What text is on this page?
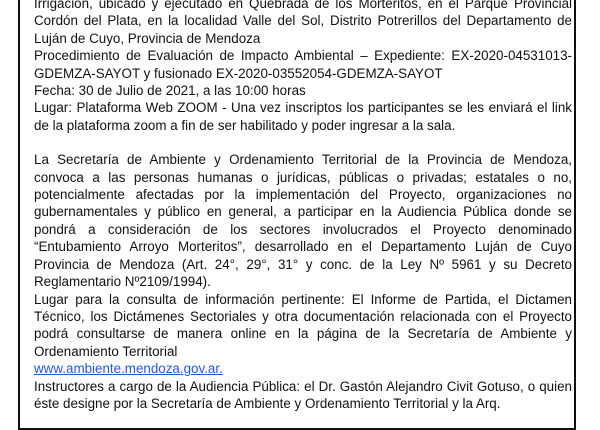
Irrigación, ubicado y ejecutado en Quebrada de los Morteritos, en el Parque Provincial Cordón del Plata, en la localidad Valle del Sol, Distrito Potrerillos del Departamento de Luján de Cuyo, Provincia de Mendoza

Procedimiento de Evaluación de Impacto Ambiental – Expediente: EX-2020-04531013-GDEMZA-SAYOT y fusionado EX-2020-03552054-GDEMZA-SAYOT

Fecha: 30 de Julio de 2021, a las 10:00 horas

Lugar: Plataforma Web ZOOM - Una vez inscriptos los participantes se les enviará el link de la plataforma zoom a fin de ser habilitado y poder ingresar a la sala.

La Secretaría de Ambiente y Ordenamiento Territorial de la Provincia de Mendoza, convoca a las personas humanas o jurídicas, públicas o privadas; estatales o no, potencialmente afectadas por la implementación del Proyecto, organizaciones no gubernamentales y público en general, a participar en la Audiencia Pública donde se pondrá a consideración de los sectores involucrados el Proyecto denominado “Entubamiento Arroyo Morteritos”, desarrollado en el Departamento Luján de Cuyo Provincia de Mendoza (Art. 24°, 29°, 31° y conc. de la Ley Nº 5961 y su Decreto Reglamentario Nº2109/1994).

Lugar para la consulta de información pertinente: El Informe de Partida, el Dictamen Técnico, los Dictámenes Sectoriales y otra documentación relacionada con el Proyecto podrá consultarse de manera online en la página de la Secretaría de Ambiente y Ordenamiento Territorial

www.ambiente.mendoza.gov.ar.

Instructores a cargo de la Audiencia Pública: el Dr. Gastón Alejandro Civit Gotuso, o quien éste designe por la Secretaría de Ambiente y Ordenamiento Territorial y la Arq.
